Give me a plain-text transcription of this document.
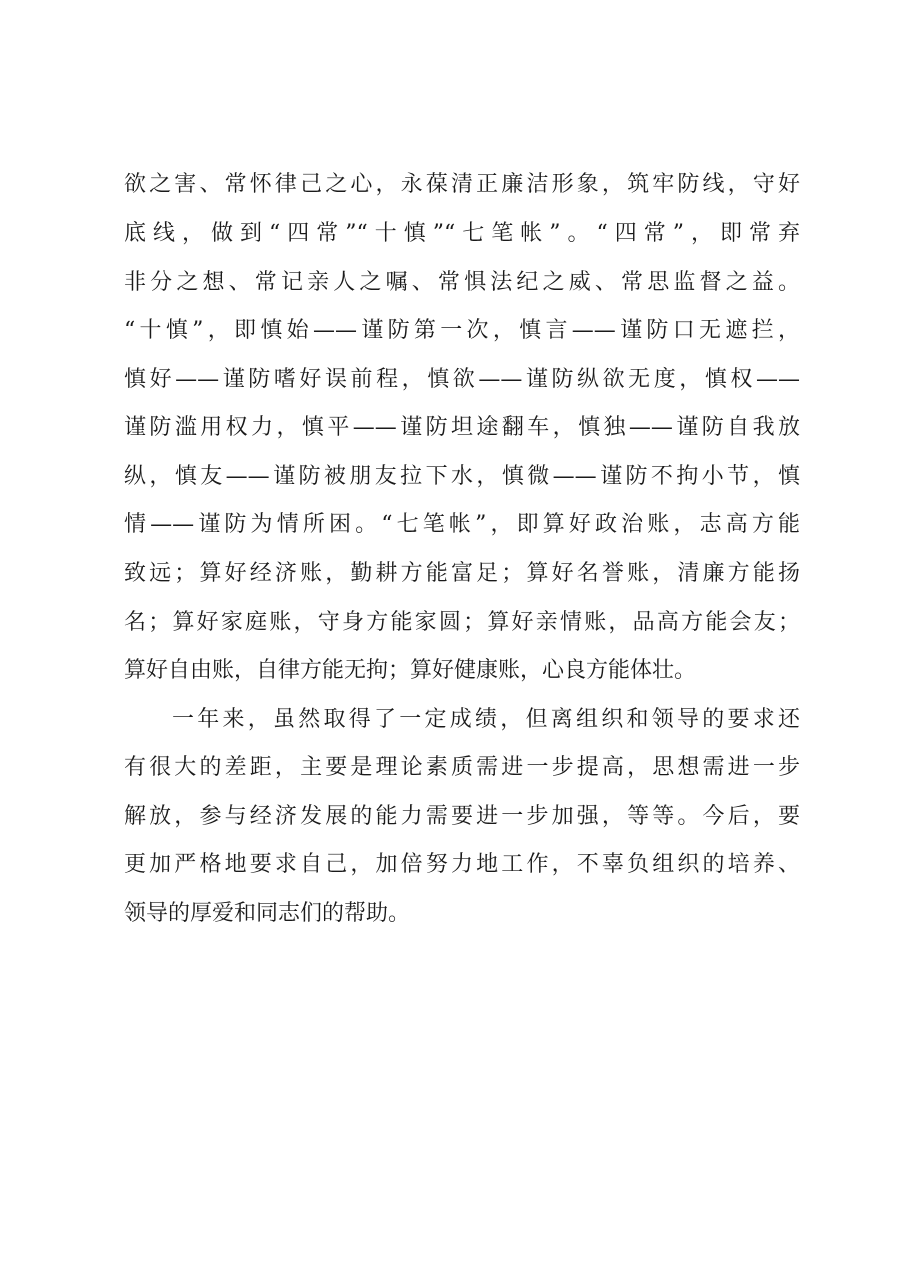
欲之害、常怀律己之心，永葆清正廉洁形象，筑牢防线，守好
底线，做到“四常”“十慎”“七笔帐”。“四常”，即常弃
非分之想、常记亲人之嘱、常惧法纪之威、常思监督之益。
“十慎”，即慎始——谨防第一次，慎言——谨防口无遮拦，
慎好——谨防嗜好误前程，慎欲——谨防纵欲无度，慎权——
谨防滥用权力，慎平——谨防坦途翻车，慎独——谨防自我放
纵，慎友——谨防被朋友拉下水，慎微——谨防不拘小节，慎
情——谨防为情所困。“七笔帐”，即算好政治账，志高方能
致远；算好经济账，勤耕方能富足；算好名誉账，清廉方能扬
名；算好家庭账，守身方能家圆；算好亲情账，品高方能会友；
算好自由账，自律方能无拘；算好健康账，心良方能体壮。
一年来，虽然取得了一定成绩，但离组织和领导的要求还
有很大的差距，主要是理论素质需进一步提高，思想需进一步
解放，参与经济发展的能力需要进一步加强，等等。今后，要
更加严格地要求自己，加倍努力地工作，不辜负组织的培养、
领导的厚爱和同志们的帮助。
